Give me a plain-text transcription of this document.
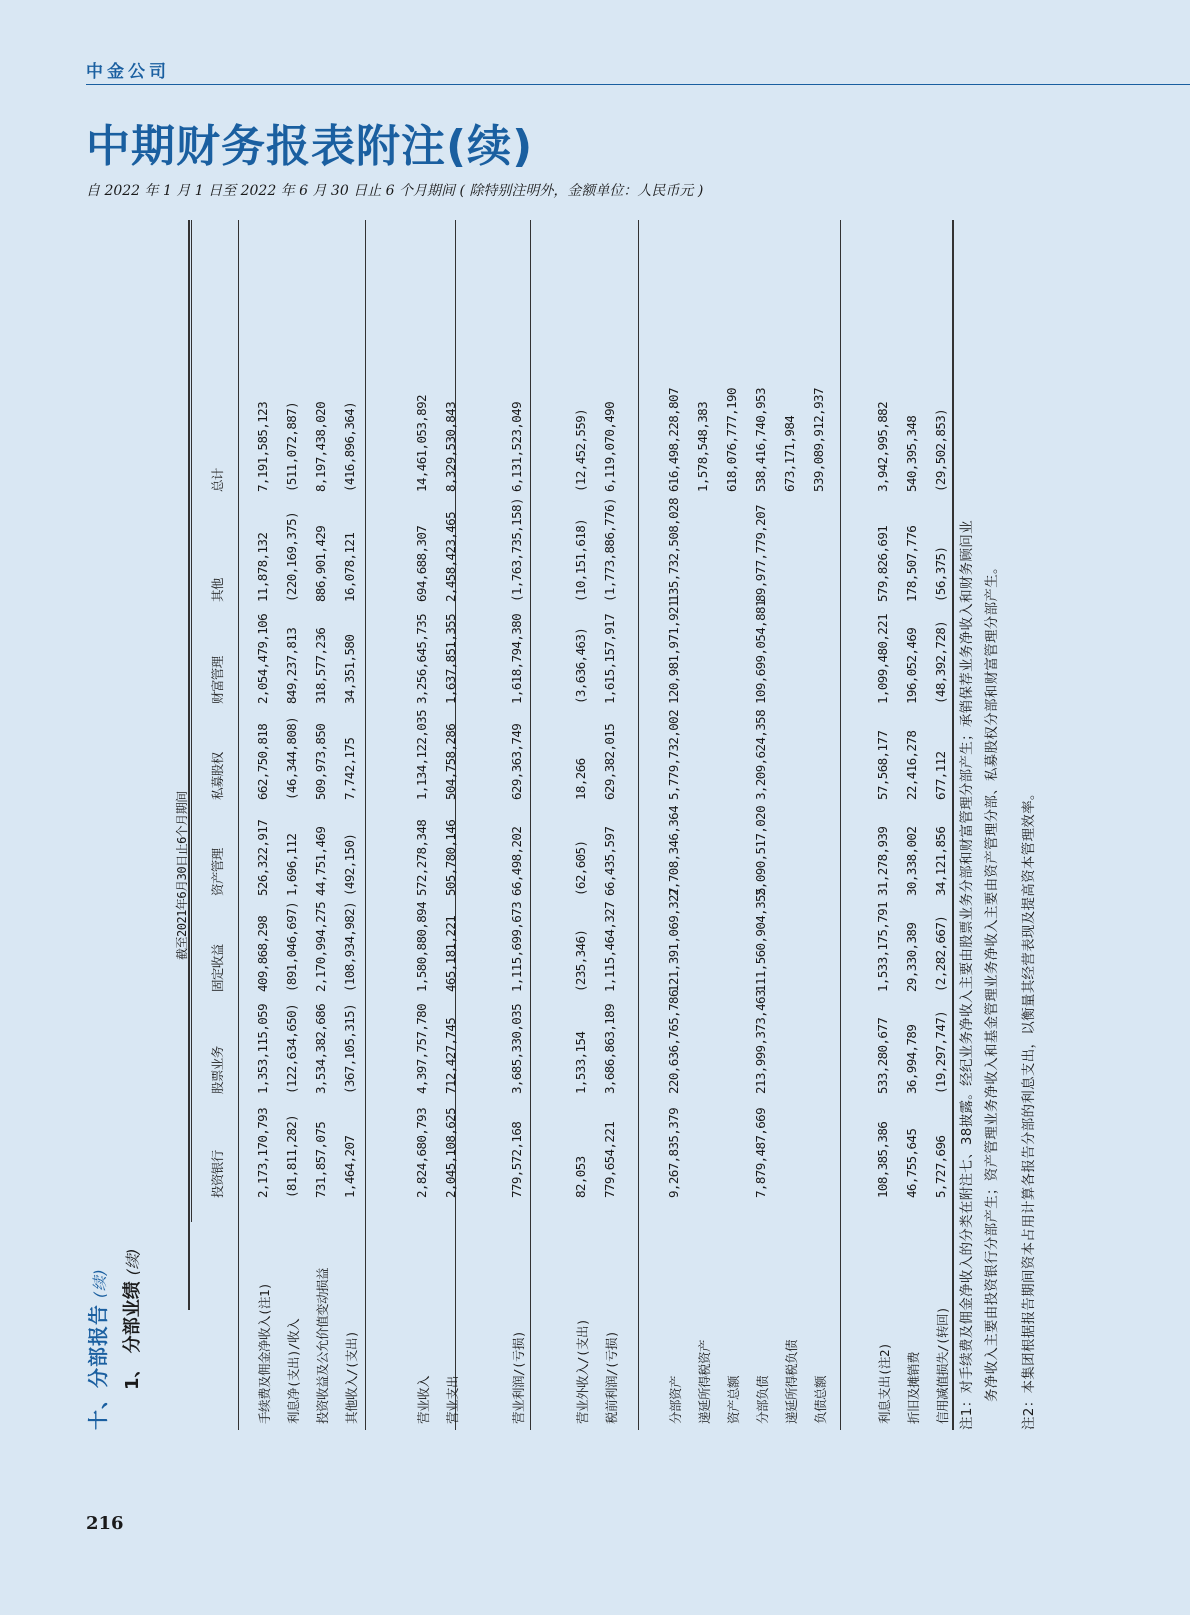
中金公司
中期财务报表附注(续)
自 2022 年 1 月 1 日至 2022 年 6 月 30 日止 6 个月期间 ( 除特别注明外，金额单位：人民币元 )
十、分部报告(续) 1、 分部业绩(续)
截至2021年6月30日止6个月期间
投资银行
股票业务
固定收益
资产管理
私募股权
财富管理
其他
总计
手续费及佣金净收入(注1)
2,173,170,793
1,353,115,059
409,868,298
526,322,917
662,750,818
2,054,479,106
11,878,132
7,191,585,123
利息净(支出)/收入
(81,811,282)
(122,634,650)
(891,046,697)
1,696,112
(46,344,808)
849,237,813
(220,169,375)
(511,072,887)
投资收益及公允价值变动损益
731,857,075
3,534,382,686
2,170,994,275
44,751,469
509,973,850
318,577,236
886,901,429
8,197,438,020
其他收入/(支出)
1,464,207
(367,105,315)
(108,934,982)
(492,150)
7,742,175
34,351,580
16,078,121
(416,896,364)
营业收入
2,824,680,793
4,397,757,780
1,580,880,894
572,278,348
1,134,122,035
3,256,645,735
694,688,307
14,461,053,892
营业支出
2,045,108,625
712,427,745
465,181,221
505,780,146
504,758,286
1,637,851,355
2,458,423,465
8,329,530,843
营业利润/(亏损)
779,572,168
3,685,330,035
1,115,699,673
66,498,202
629,363,749
1,618,794,380
(1,763,735,158)
6,131,523,049
营业外收入/(支出)
82,053
1,533,154
(235,346)
(62,605)
18,266
(3,636,463)
(10,151,618)
(12,452,559)
税前利润/(亏损)
779,654,221
3,686,863,189
1,115,464,327
66,435,597
629,382,015
1,615,157,917
(1,773,886,776)
6,119,070,490
分部资产
9,267,835,379
220,636,765,786
121,391,069,327
2,708,346,364
5,779,732,002
120,981,971,921
135,732,508,028
616,498,228,807
递延所得税资产
1,578,548,383
资产总额
618,076,777,190
分部负债
7,879,487,669
213,999,373,463
111,560,904,355
2,090,517,020
3,209,624,358
109,699,054,881
89,977,779,207
538,416,740,953
递延所得税负债
673,171,984
负债总额
539,089,912,937
利息支出(注2)
108,385,386
533,280,677
1,533,175,791
31,278,939
57,568,177
1,099,480,221
579,826,691
3,942,995,882
折旧及摊销费
46,755,645
36,994,789
29,330,389
30,338,002
22,416,278
196,052,469
178,507,776
540,395,348
信用减值损失/(转回)
5,727,696
(19,297,747)
(2,282,667)
34,121,856
677,112
(48,392,728)
(56,375)
(29,502,853)
注1：对手续费及佣金净收入的分类在附注七、38披露。经纪业务净收入主要由股票业务分部和财富管理分部产生；承销保荐业务净收入和财务顾问业 务净收入主要由投资银行分部产生；资产管理业务净收入和基金管理业务净收入主要由资产管理分部、私募股权分部和财富管理分部产生。 注2：本集团根据报告期间资本占用计算各报告分部的利息支出，以衡量其经营表现及提高资本管理效率。
216
